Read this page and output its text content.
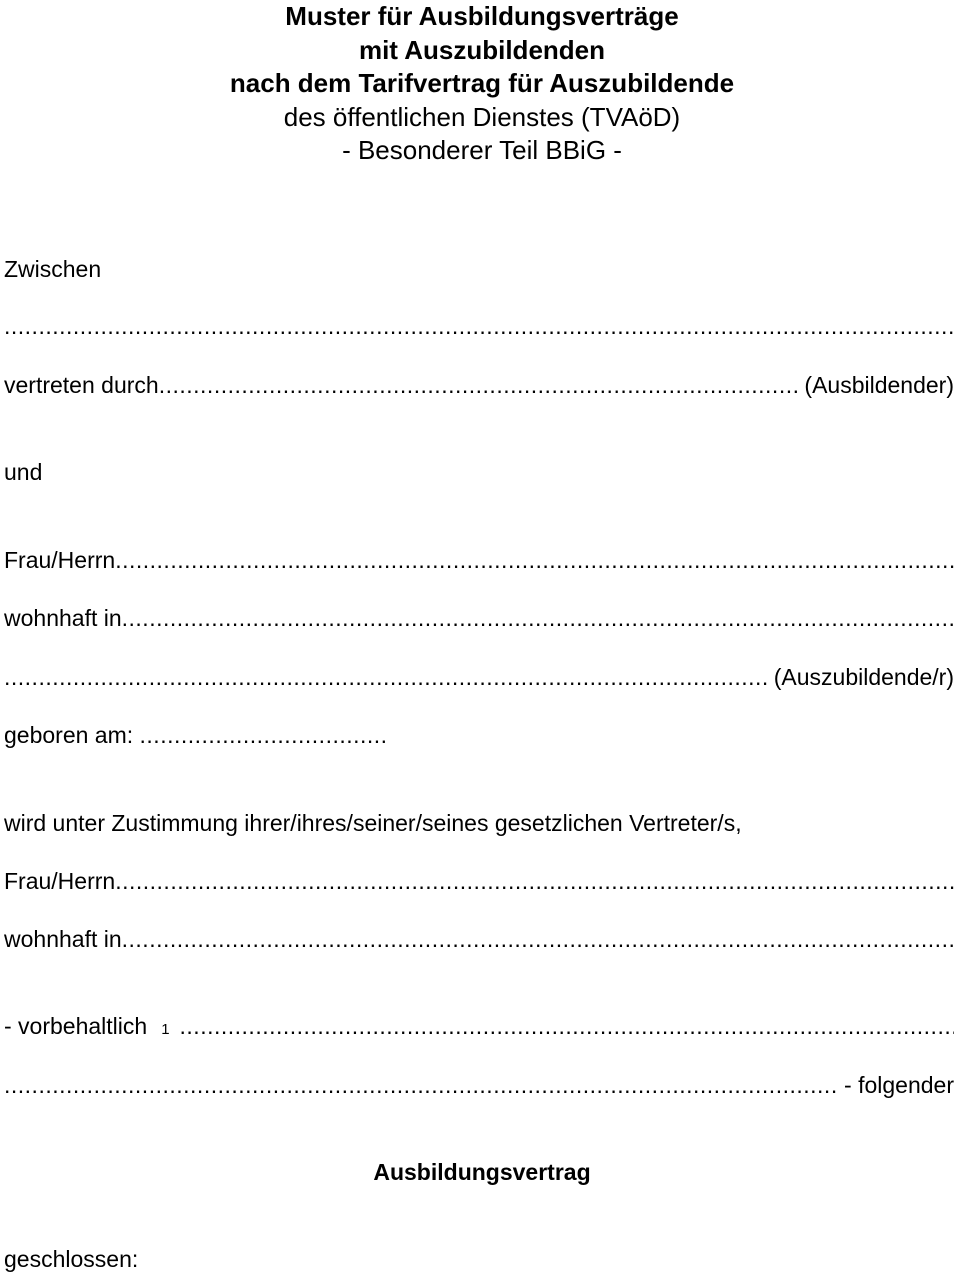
Muster für Ausbildungsverträge
mit Auszubildenden
nach dem Tarifvertrag für Auszubildende
des öffentlichen Dienstes (TVAöD)
- Besonderer Teil BBiG -
Zwischen
.....
vertreten durch
.....	(Ausbildender)
und
Frau/Herrn
.....
wohnhaft in
.....
.....
(Auszubildende/r)
geboren am: ....................................
wird unter Zustimmung ihrer/ihres/seiner/seines gesetzlichen Vertreter/s,
Frau/Herrn
.....
wohnhaft in
.....
- vorbehaltlich 1
.....
.....
- folgender
Ausbildungsvertrag
geschlossen:
